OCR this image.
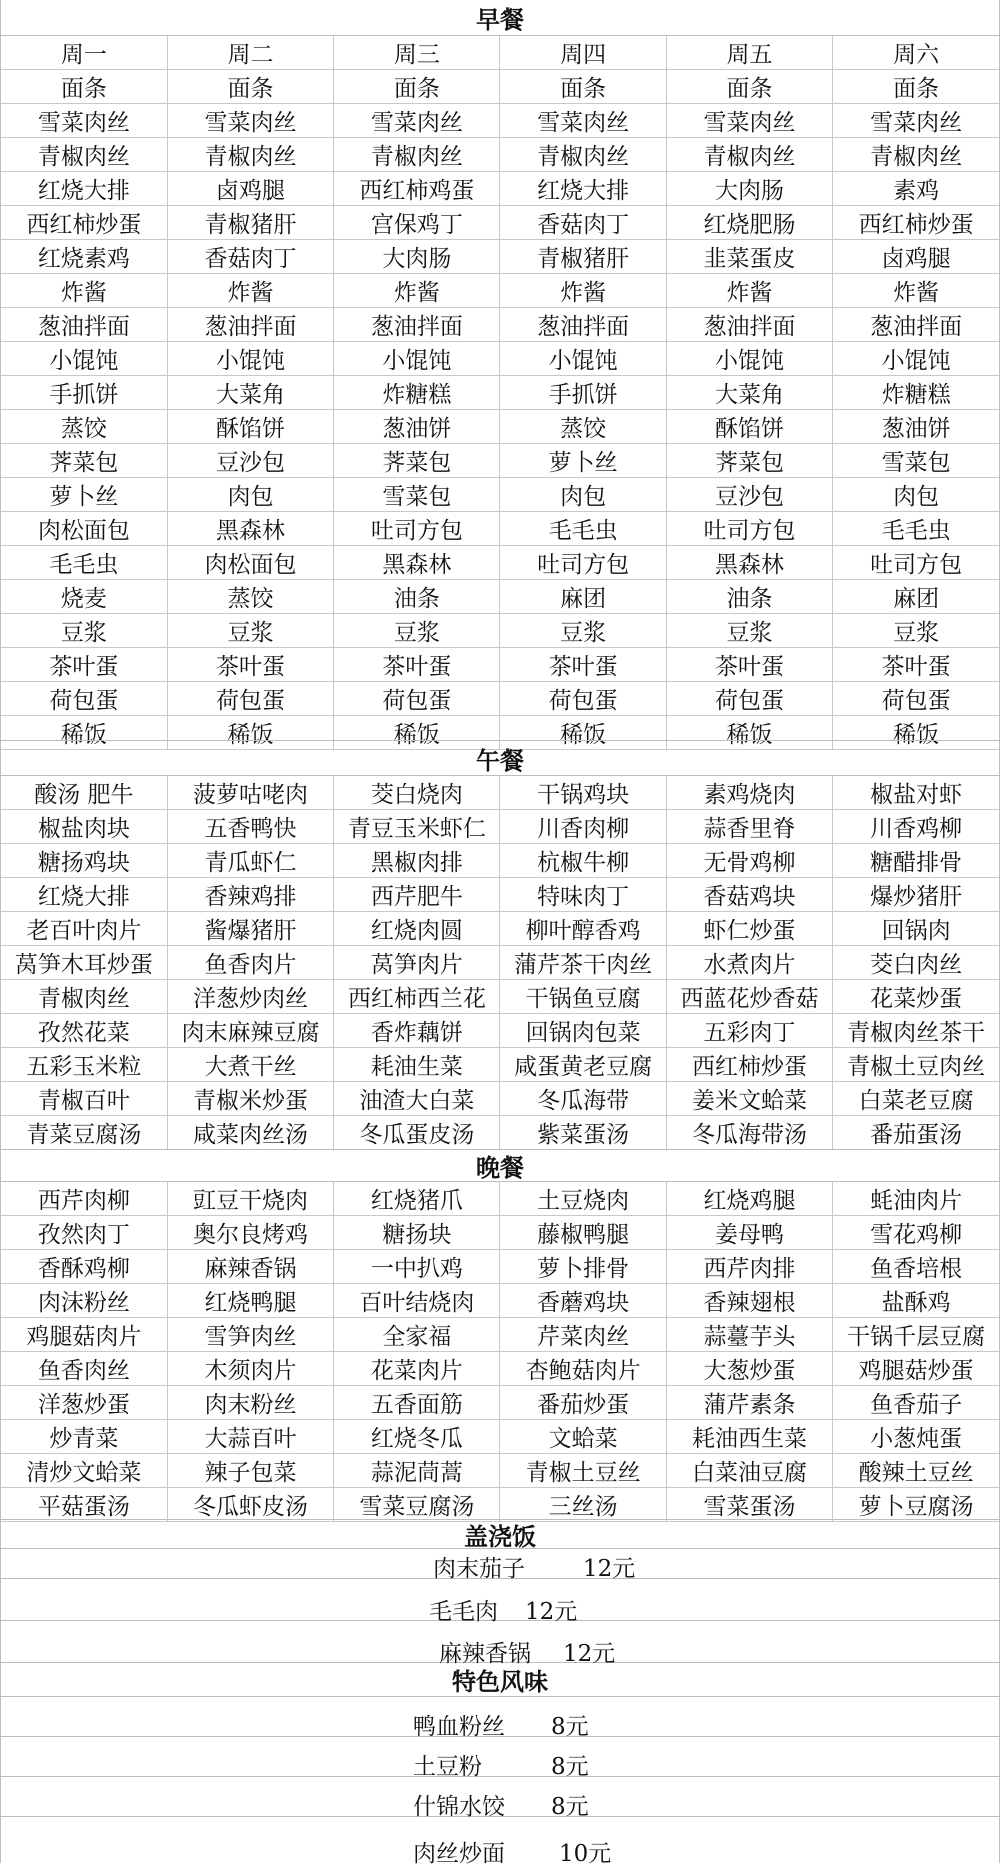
早餐
周一	周二	周三	周四	周五	周六
面条	面条	面条	面条	面条	面条
雪菜肉丝	雪菜肉丝	雪菜肉丝	雪菜肉丝	雪菜肉丝	雪菜肉丝
青椒肉丝	青椒肉丝	青椒肉丝	青椒肉丝	青椒肉丝	青椒肉丝
红烧大排	卤鸡腿	西红柿鸡蛋	红烧大排	大肉肠	素鸡
西红柿炒蛋	青椒猪肝	宫保鸡丁	香菇肉丁	红烧肥肠	西红柿炒蛋
红烧素鸡	香菇肉丁	大肉肠	青椒猪肝	韭菜蛋皮	卤鸡腿
炸酱	炸酱	炸酱	炸酱	炸酱	炸酱
葱油拌面	葱油拌面	葱油拌面	葱油拌面	葱油拌面	葱油拌面
小馄饨	小馄饨	小馄饨	小馄饨	小馄饨	小馄饨
手抓饼	大菜角	炸糖糕	手抓饼	大菜角	炸糖糕
蒸饺	酥馅饼	葱油饼	蒸饺	酥馅饼	葱油饼
荠菜包	豆沙包	荠菜包	萝卜丝	荠菜包	雪菜包
萝卜丝	肉包	雪菜包	肉包	豆沙包	肉包
肉松面包	黑森林	吐司方包	毛毛虫	吐司方包	毛毛虫
毛毛虫	肉松面包	黑森林	吐司方包	黑森林	吐司方包
烧麦	蒸饺	油条	麻团	油条	麻团
豆浆	豆浆	豆浆	豆浆	豆浆	豆浆
茶叶蛋	茶叶蛋	茶叶蛋	茶叶蛋	茶叶蛋	茶叶蛋
荷包蛋	荷包蛋	荷包蛋	荷包蛋	荷包蛋	荷包蛋
稀饭	稀饭	稀饭	稀饭	稀饭	稀饭
午餐
酸汤 肥牛	菠萝咕咾肉	茭白烧肉	干锅鸡块	素鸡烧肉	椒盐对虾
椒盐肉块	五香鸭快	青豆玉米虾仁	川香肉柳	蒜香里脊	川香鸡柳
糖扬鸡块	青瓜虾仁	黑椒肉排	杭椒牛柳	无骨鸡柳	糖醋排骨
红烧大排	香辣鸡排	西芹肥牛	特味肉丁	香菇鸡块	爆炒猪肝
老百叶肉片	酱爆猪肝	红烧肉圆	柳叶醇香鸡	虾仁炒蛋	回锅肉
莴笋木耳炒蛋	鱼香肉片	莴笋肉片	蒲芹茶干肉丝	水煮肉片	茭白肉丝
青椒肉丝	洋葱炒肉丝	西红柿西兰花	干锅鱼豆腐	西蓝花炒香菇	花菜炒蛋
孜然花菜	肉末麻辣豆腐	香炸藕饼	回锅肉包菜	五彩肉丁	青椒肉丝茶干
五彩玉米粒	大煮干丝	耗油生菜	咸蛋黄老豆腐	西红柿炒蛋	青椒土豆肉丝
青椒百叶	青椒米炒蛋	油渣大白菜	冬瓜海带	姜米文蛤菜	白菜老豆腐
青菜豆腐汤	咸菜肉丝汤	冬瓜蛋皮汤	紫菜蛋汤	冬瓜海带汤	番茄蛋汤
晚餐
西芹肉柳	豇豆干烧肉	红烧猪爪	土豆烧肉	红烧鸡腿	蚝油肉片
孜然肉丁	奥尔良烤鸡	糖扬块	藤椒鸭腿	姜母鸭	雪花鸡柳
香酥鸡柳	麻辣香锅	一中扒鸡	萝卜排骨	西芹肉排	鱼香培根
肉沫粉丝	红烧鸭腿	百叶结烧肉	香蘑鸡块	香辣翅根	盐酥鸡
鸡腿菇肉片	雪笋肉丝	全家福	芹菜肉丝	蒜薹芋头	干锅千层豆腐
鱼香肉丝	木须肉片	花菜肉片	杏鲍菇肉片	大葱炒蛋	鸡腿菇炒蛋
洋葱炒蛋	肉末粉丝	五香面筋	番茄炒蛋	蒲芹素条	鱼香茄子
炒青菜	大蒜百叶	红烧冬瓜	文蛤菜	耗油西生菜	小葱炖蛋
清炒文蛤菜	辣子包菜	蒜泥茼蒿	青椒土豆丝	白菜油豆腐	酸辣土豆丝
平菇蛋汤	冬瓜虾皮汤	雪菜豆腐汤	三丝汤	雪菜蛋汤	萝卜豆腐汤
盖浇饭
肉末茄子	12元
毛毛肉 12元
麻辣香锅 12元
特色风味
鸭血粉丝 8元
土豆粉	8元
什锦水饺 8元
肉丝炒面 10元
